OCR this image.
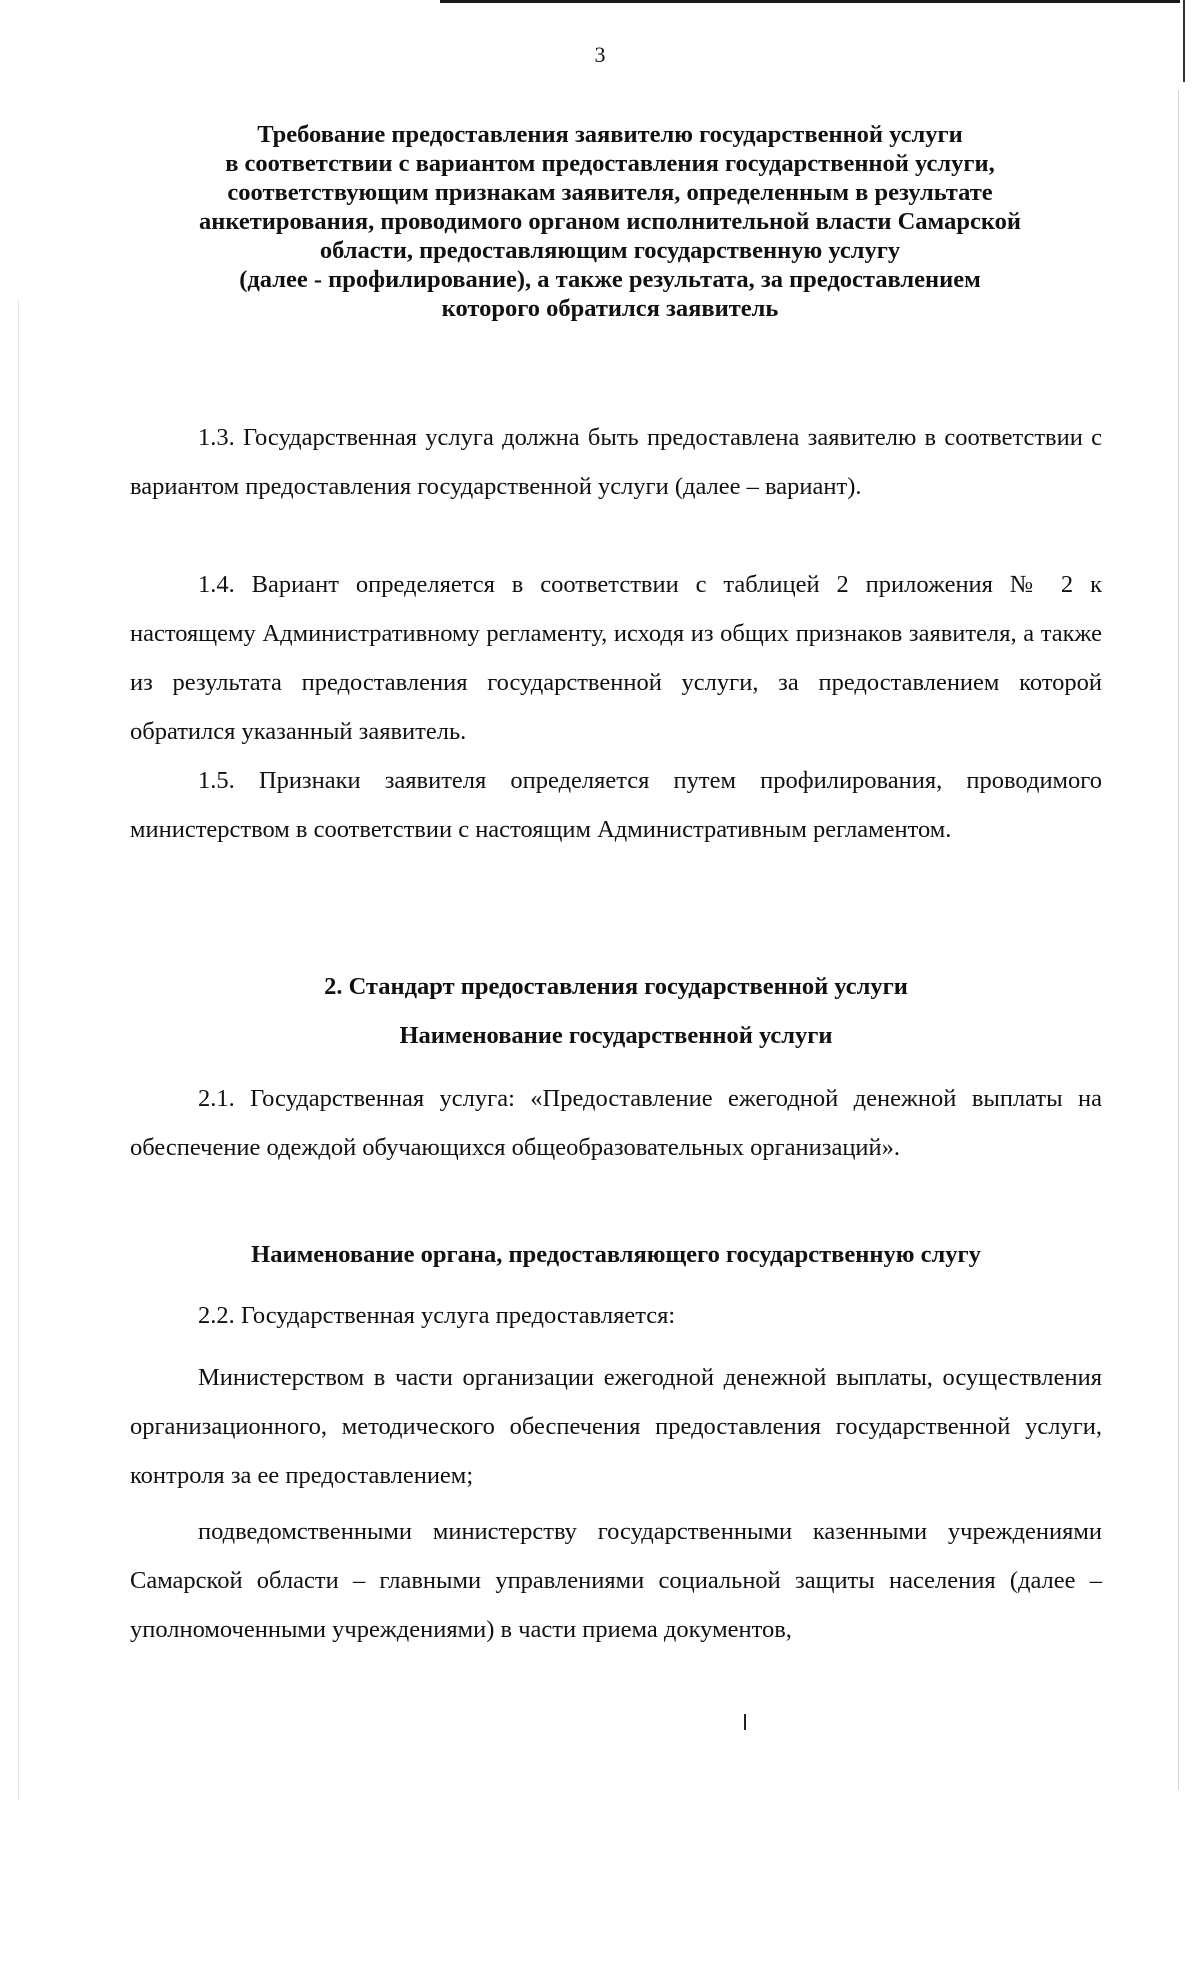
3
Требование предоставления заявителю государственной услуги
в соответствии с вариантом предоставления государственной услуги,
соответствующим признакам заявителя, определенным в результате
анкетирования, проводимого органом исполнительной власти Самарской
области, предоставляющим государственную услугу
(далее - профилирование), а также результата, за предоставлением
которого обратился заявитель

1.3. Государственная услуга должна быть предоставлена заявителю в соответствии с вариантом предоставления государственной услуги (далее – вариант).

1.4. Вариант определяется в соответствии с таблицей 2 приложения № 2 к настоящему Административному регламенту, исходя из общих признаков заявителя, а также из результата предоставления государственной услуги, за предоставлением которой обратился указанный заявитель.

1.5. Признаки заявителя определяется путем профилирования, проводимого министерством в соответствии с настоящим Административным регламентом.

2. Стандарт предоставления государственной услуги
Наименование государственной услуги

2.1. Государственная услуга: «Предоставление ежегодной денежной выплаты на обеспечение одеждой обучающихся общеобразовательных организаций».

Наименование органа, предоставляющего государственную слугу

2.2. Государственная услуга предоставляется:

Министерством в части организации ежегодной денежной выплаты, осуществления организационного, методического обеспечения предоставления государственной услуги, контроля за ее предоставлением;

подведомственными министерству государственными казенными учреждениями Самарской области – главными управлениями социальной защиты населения (далее – уполномоченными учреждениями) в части приема документов,
